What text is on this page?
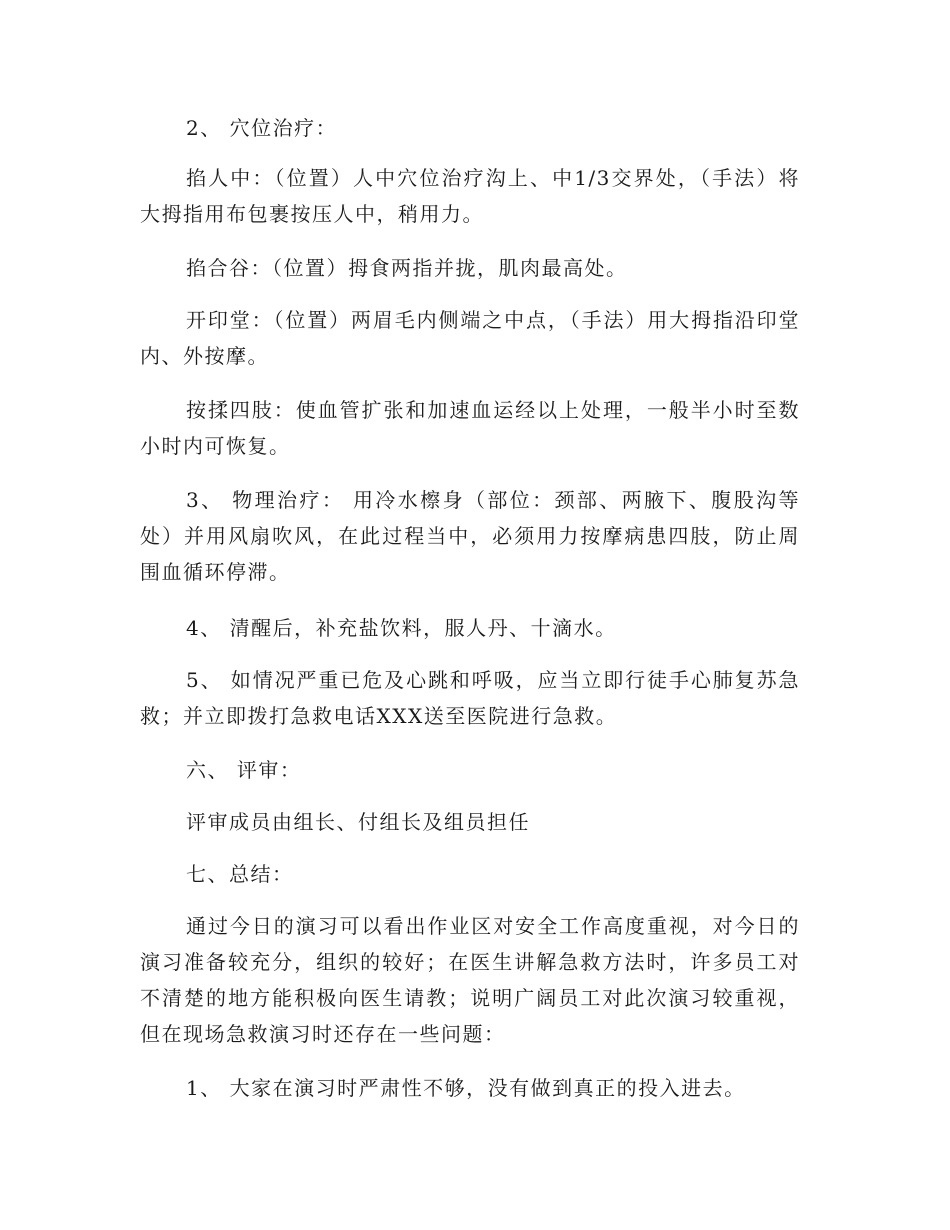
2、 穴位治疗：

掐人中：（位置）人中穴位治疗沟上、中1/3交界处，（手法）将大拇指用布包裹按压人中，稍用力。

掐合谷：（位置）拇食两指并拢，肌肉最高处。

开印堂：（位置）两眉毛内侧端之中点，（手法）用大拇指沿印堂内、外按摩。

按揉四肢：使血管扩张和加速血运经以上处理，一般半小时至数小时内可恢复。

3、 物理治疗： 用冷水檫身（部位：颈部、两腋下、腹股沟等处）并用风扇吹风，在此过程当中，必须用力按摩病患四肢，防止周围血循环停滞。

4、 清醒后，补充盐饮料，服人丹、十滴水。

5、 如情况严重已危及心跳和呼吸，应当立即行徒手心肺复苏急救；并立即拨打急救电话XXX送至医院进行急救。

六、 评审：

评审成员由组长、付组长及组员担任

七、总结：

通过今日的演习可以看出作业区对安全工作高度重视，对今日的演习准备较充分，组织的较好；在医生讲解急救方法时，许多员工对不清楚的地方能积极向医生请教；说明广阔员工对此次演习较重视，但在现场急救演习时还存在一些问题：

1、 大家在演习时严肃性不够，没有做到真正的投入进去。
